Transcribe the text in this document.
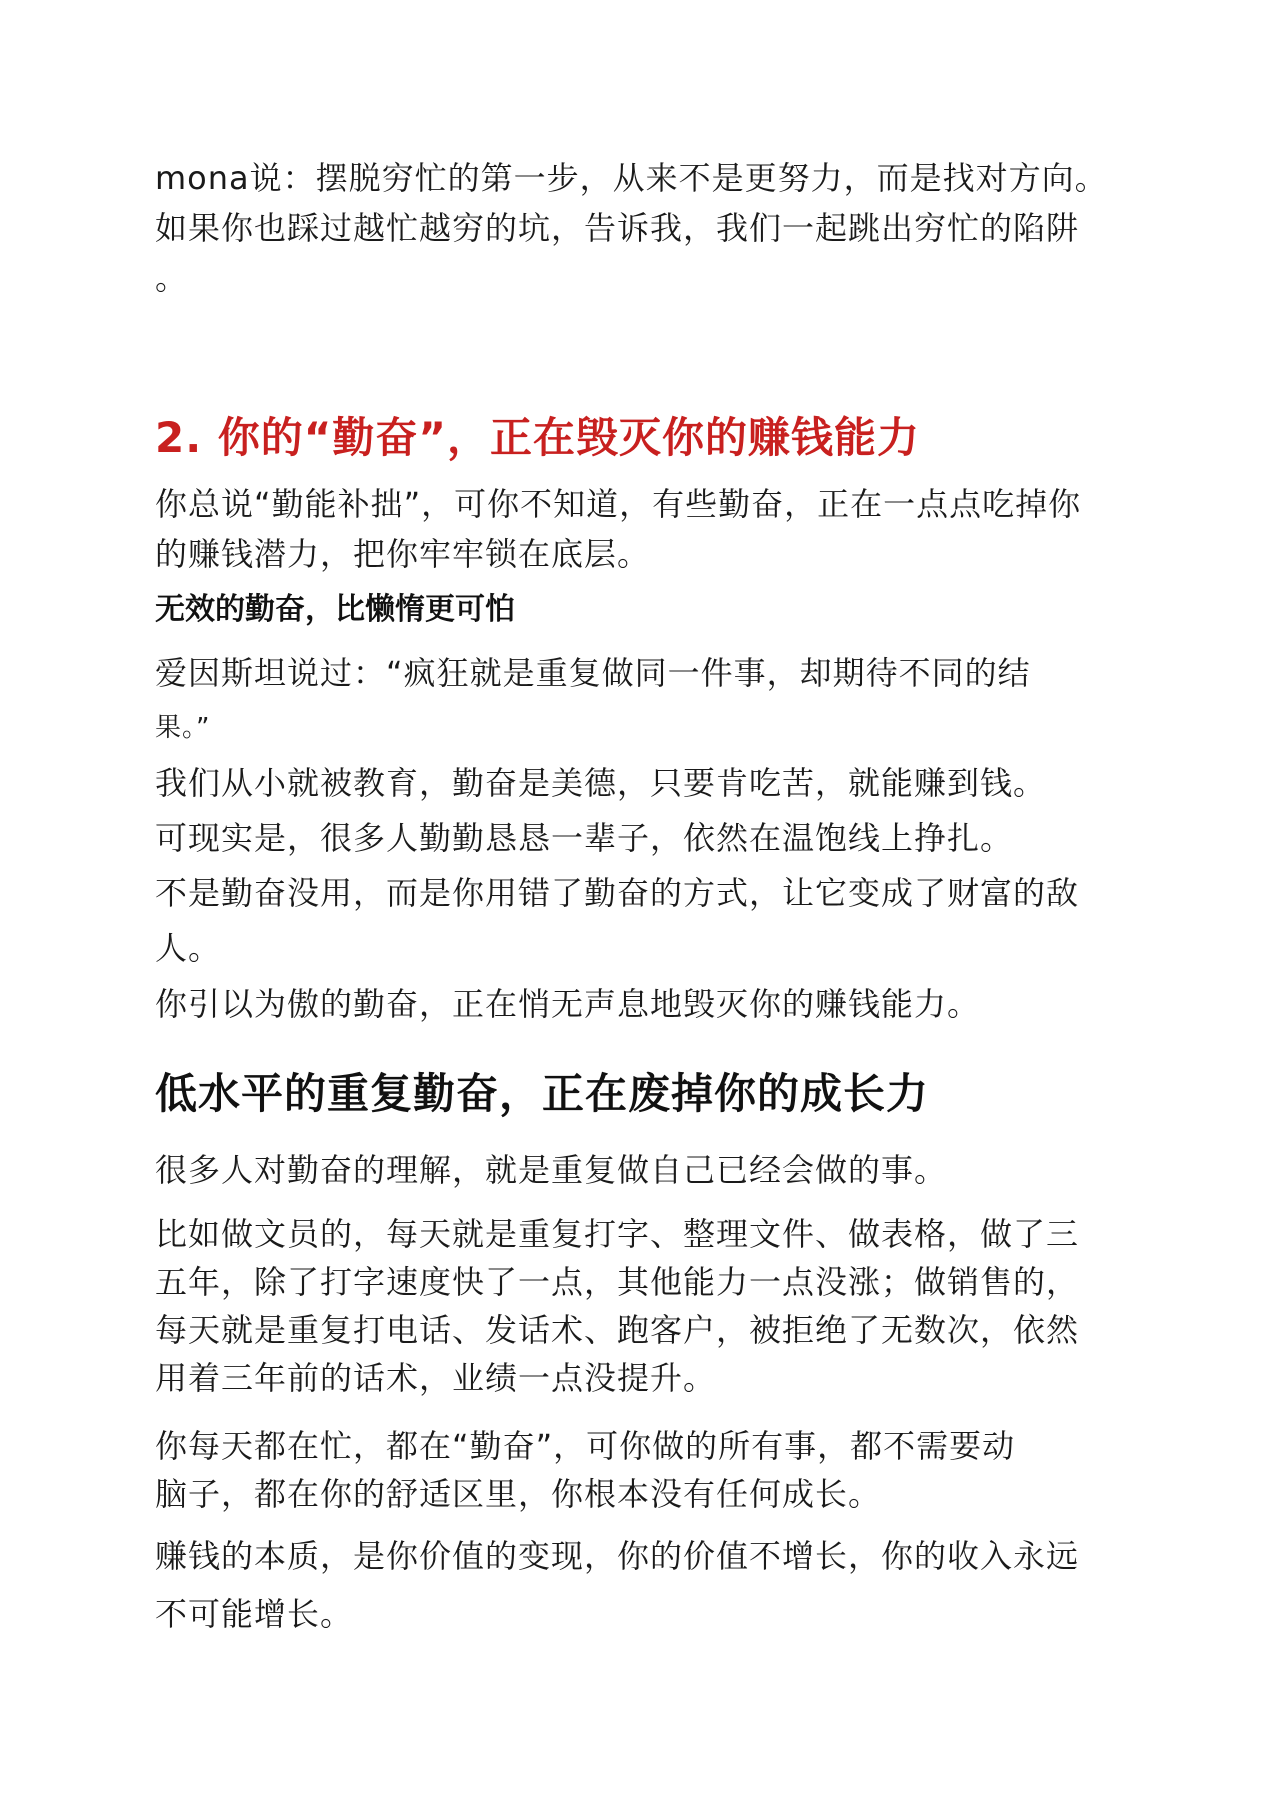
mona说：摆脱穷忙的第一步，从来不是更努力，而是找对方向。
如果你也踩过越忙越穷的坑，告诉我，我们一起跳出穷忙的陷阱
。
2. 你的“勤奋”，正在毁灭你的赚钱能力
你总说“勤能补拙”，可你不知道，有些勤奋，正在一点点吃掉你
的赚钱潜力，把你牢牢锁在底层。
无效的勤奋，比懒惰更可怕
爱因斯坦说过：“疯狂就是重复做同一件事，却期待不同的结
果。”
我们从小就被教育，勤奋是美德，只要肯吃苦，就能赚到钱。
可现实是，很多人勤勤恳恳一辈子，依然在温饱线上挣扎。
不是勤奋没用，而是你用错了勤奋的方式，让它变成了财富的敌
人。
你引以为傲的勤奋，正在悄无声息地毁灭你的赚钱能力。
低水平的重复勤奋，正在废掉你的成长力
很多人对勤奋的理解，就是重复做自己已经会做的事。
比如做文员的，每天就是重复打字、整理文件、做表格，做了三
五年，除了打字速度快了一点，其他能力一点没涨；做销售的，
每天就是重复打电话、发话术、跑客户，被拒绝了无数次，依然
用着三年前的话术，业绩一点没提升。
你每天都在忙，都在“勤奋”，可你做的所有事，都不需要动
脑子，都在你的舒适区里，你根本没有任何成长。
赚钱的本质，是你价值的变现，你的价值不增长，你的收入永远
不可能增长。
